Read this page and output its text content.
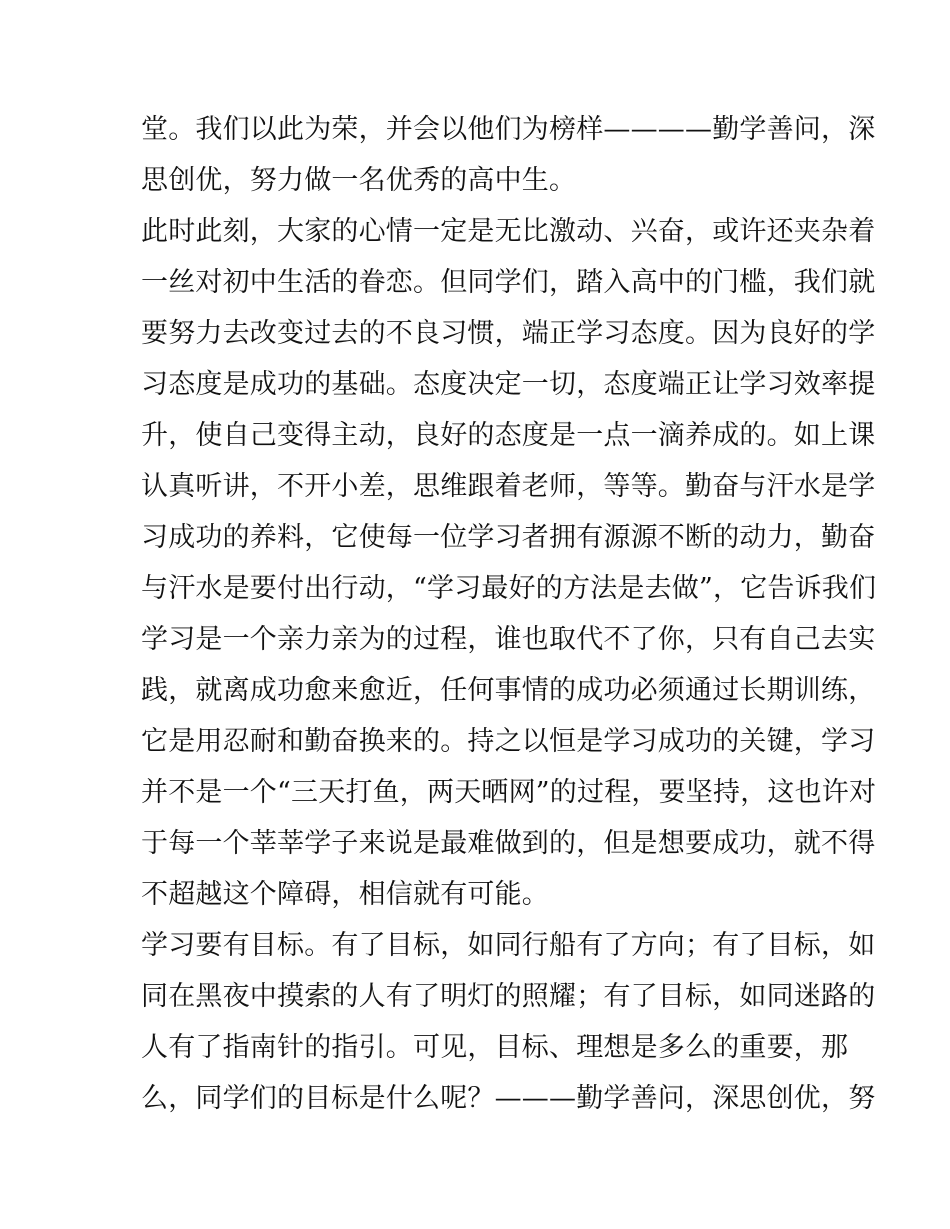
堂。我们以此为荣，并会以他们为榜样————勤学善问，深
思创优，努力做一名优秀的高中生。
此时此刻，大家的心情一定是无比激动、兴奋，或许还夹杂着
一丝对初中生活的眷恋。但同学们，踏入高中的门槛，我们就
要努力去改变过去的不良习惯，端正学习态度。因为良好的学
习态度是成功的基础。态度决定一切，态度端正让学习效率提
升，使自己变得主动，良好的态度是一点一滴养成的。如上课
认真听讲，不开小差，思维跟着老师，等等。勤奋与汗水是学
习成功的养料，它使每一位学习者拥有源源不断的动力，勤奋
与汗水是要付出行动，“学习最好的方法是去做”，它告诉我们
学习是一个亲力亲为的过程，谁也取代不了你，只有自己去实
践，就离成功愈来愈近，任何事情的成功必须通过长期训练，
它是用忍耐和勤奋换来的。持之以恒是学习成功的关键，学习
并不是一个“三天打鱼，两天晒网”的过程，要坚持，这也许对
于每一个莘莘学子来说是最难做到的，但是想要成功，就不得
不超越这个障碍，相信就有可能。
学习要有目标。有了目标，如同行船有了方向；有了目标，如
同在黑夜中摸索的人有了明灯的照耀；有了目标，如同迷路的
人有了指南针的指引。可见，目标、理想是多么的重要，那
么，同学们的目标是什么呢？———勤学善问，深思创优，努
